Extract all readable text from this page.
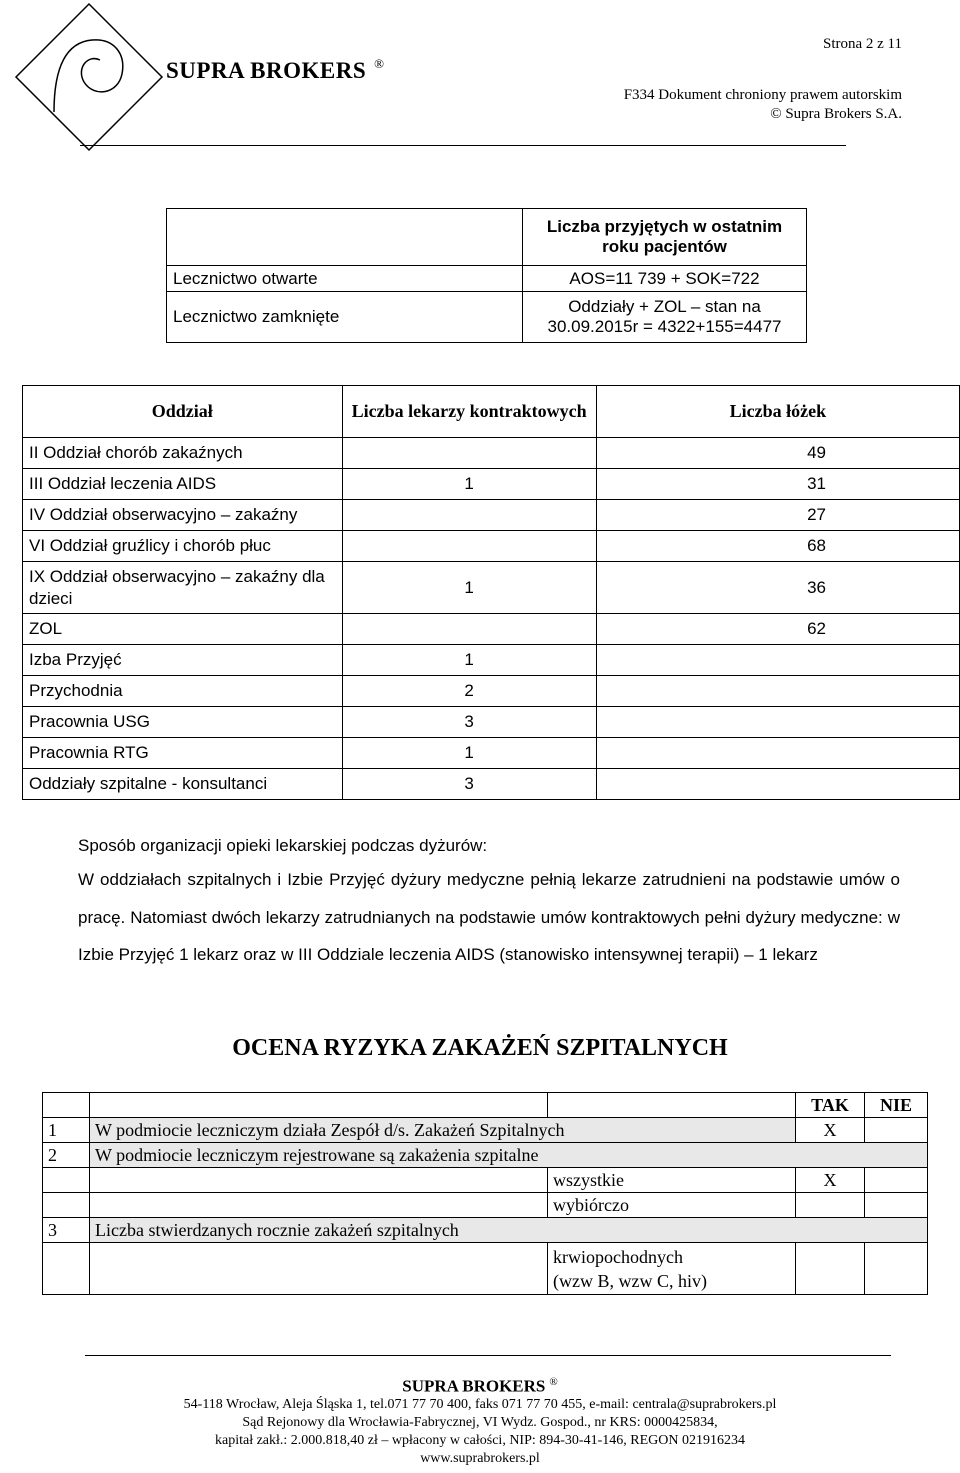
SUPRA BROKERS ®
Strona 2 z 11
F334 Dokument chroniony prawem autorskim
© Supra Brokers S.A.
	Liczba przyjętych w ostatnim roku pacjentów
Lecznictwo otwarte	AOS=11 739 + SOK=722
Lecznictwo zamknięte	Oddziały + ZOL – stan na
30.09.2015r = 4322+155=4477
Oddział	Liczba lekarzy kontraktowych	Liczba łóżek
II Oddział chorób zakaźnych		49
III Oddział leczenia AIDS	1	31
IV Oddział obserwacyjno – zakaźny		27
VI Oddział gruźlicy i chorób płuc		68
IX Oddział obserwacyjno – zakaźny dla dzieci	1	36
ZOL		62
Izba Przyjęć	1	
Przychodnia	2	
Pracownia USG	3	
Pracownia RTG	1	
Oddziały szpitalne - konsultanci	3	
Sposób organizacji opieki lekarskiej podczas dyżurów:
W oddziałach szpitalnych i Izbie Przyjęć dyżury medyczne pełnią lekarze zatrudnieni na podstawie umów o pracę. Natomiast dwóch lekarzy zatrudnianych na podstawie umów kontraktowych pełni dyżury medyczne: w Izbie Przyjęć 1 lekarz oraz w III Oddziale leczenia AIDS (stanowisko intensywnej terapii) – 1 lekarz
OCENA RYZYKA ZAKAŻEŃ SZPITALNYCH
			TAK	NIE
1	W podmiocie leczniczym działa Zespół d/s. Zakażeń Szpitalnych		X	
2	W podmiocie leczniczym rejestrowane są zakażenia szpitalne			
		wszystkie	X	
		wybiórczo		
3	Liczba stwierdzanych rocznie zakażeń szpitalnych			

		krwiopochodnych
(wzw B, wzw C, hiv)		

SUPRA BROKERS ®
54-118 Wrocław, Aleja Śląska 1, tel.071 77 70 400, faks 071 77 70 455, e-mail: centrala@suprabrokers.pl
Sąd Rejonowy dla Wrocławia-Fabrycznej, VI Wydz. Gospod., nr KRS: 0000425834,
kapitał zakł.: 2.000.818,40 zł – wpłacony w całości, NIP: 894-30-41-146, REGON 021916234
www.suprabrokers.pl
